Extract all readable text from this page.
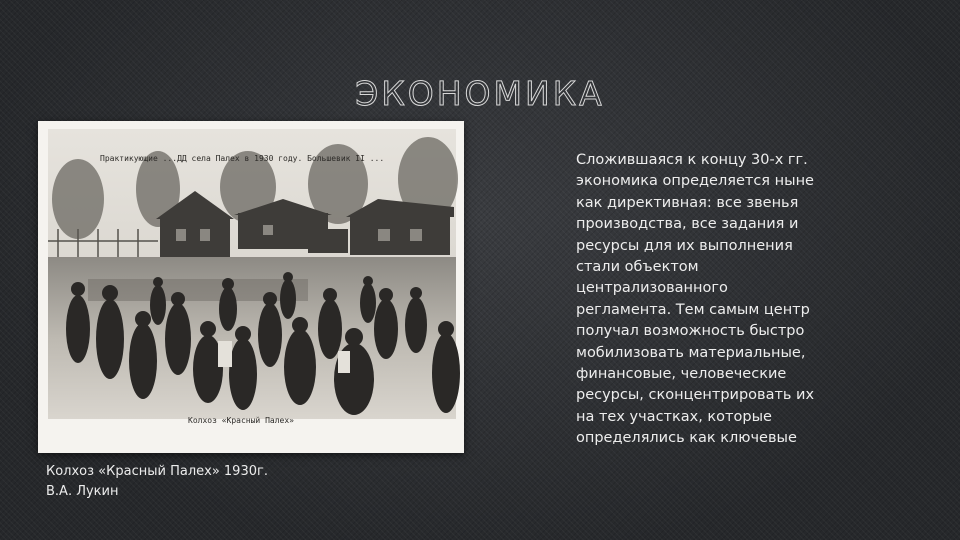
ЭКОНОМИКА
Практикующие ...ДД села Палех в 1930 году. Большевик II ...
Колхоз «Красный Палех»
Колхоз «Красный Палех» 1930г.
В.А. Лукин
Сложившаяся к концу 30-х гг.
экономика определяется ныне
как директивная: все звенья
производства, все задания и
ресурсы для их выполнения
стали объектом
централизованного
регламента. Тем самым центр
получал возможность быстро
мобилизовать материальные,
финансовые, человеческие
ресурсы, сконцентрировать их
на тех участках, которые
определялись как ключевые
